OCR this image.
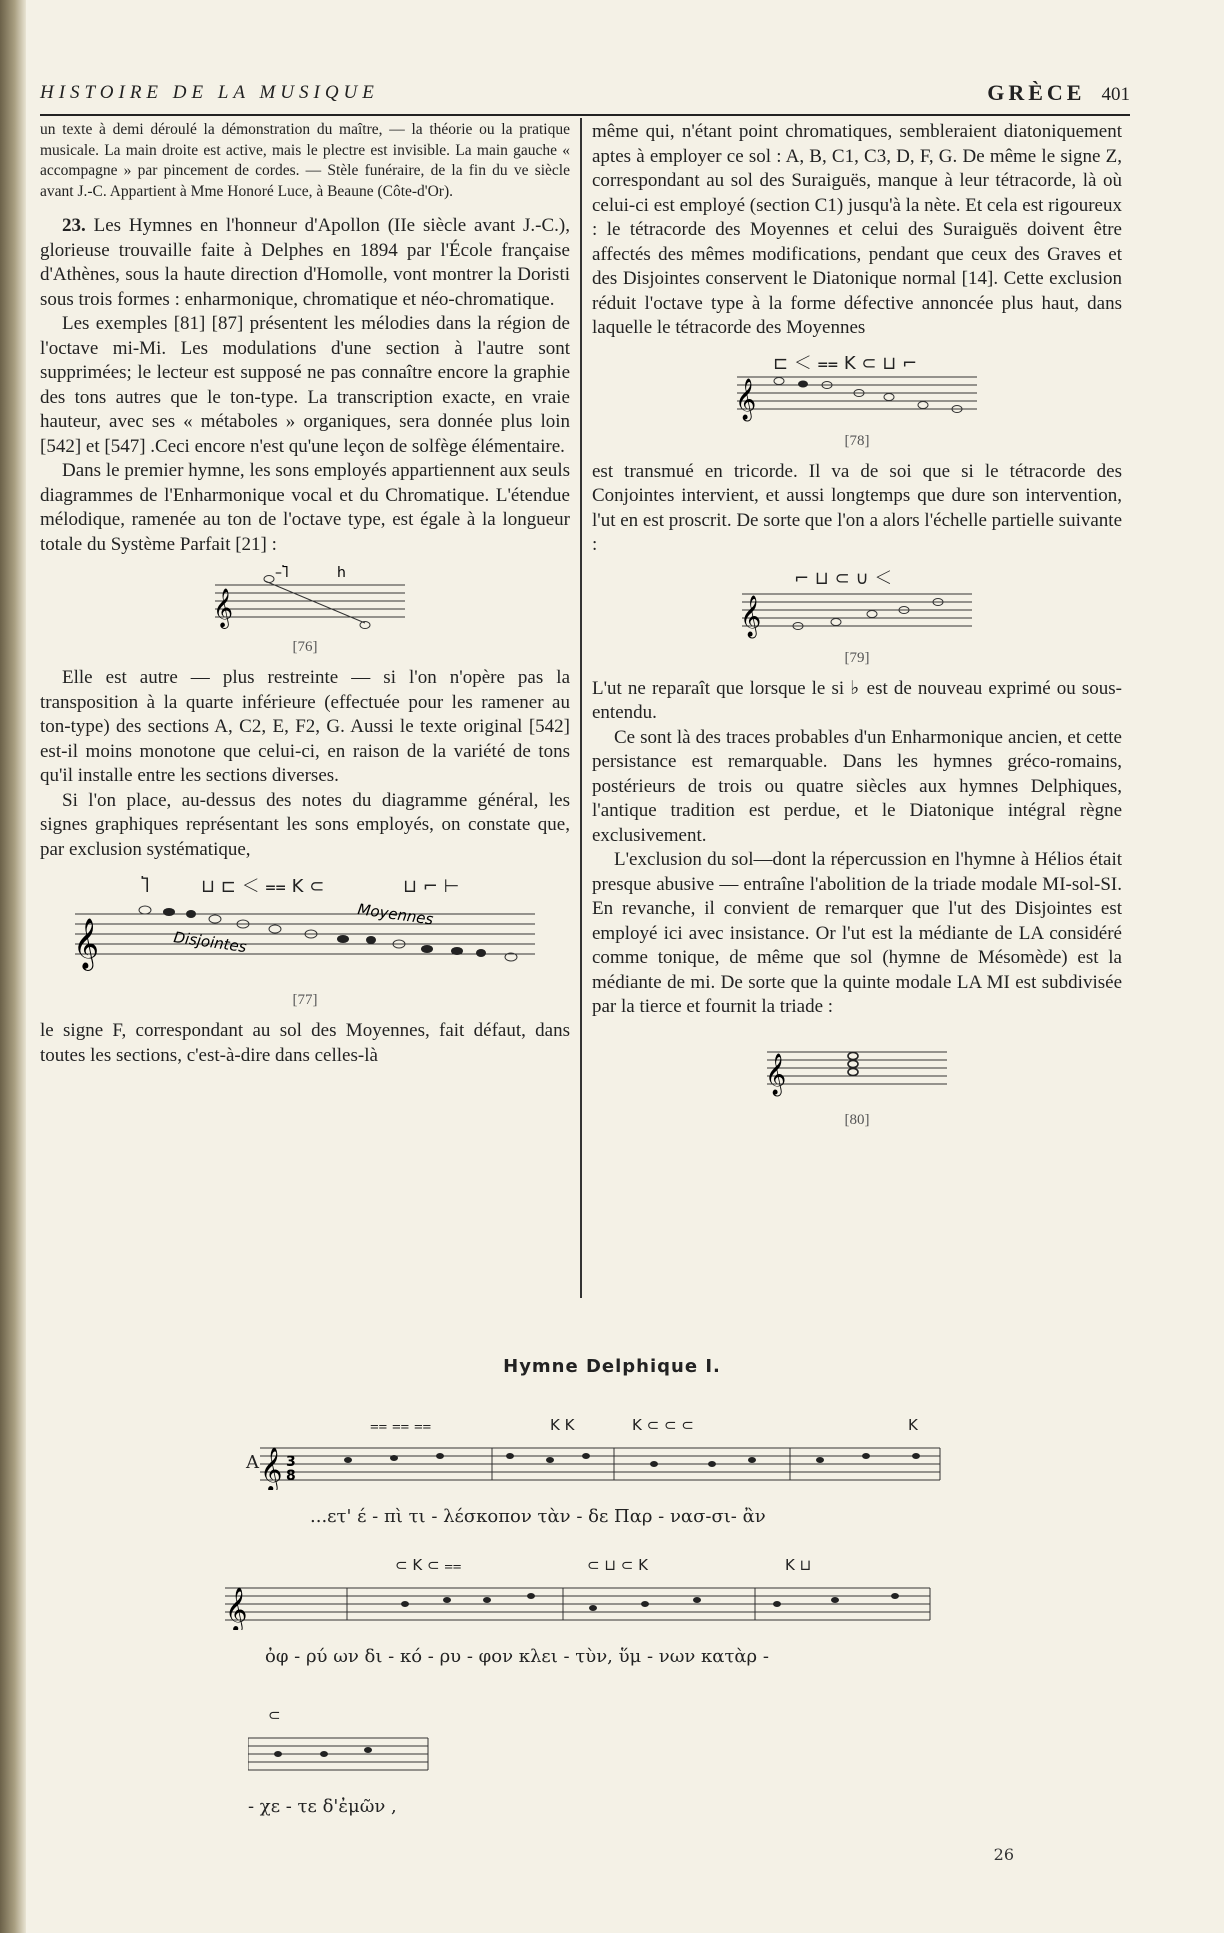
HISTOIRE DE LA MUSIQUE	GRÈCE 401

un texte à demi déroulé la démonstration du maître, — la théorie ou la pratique musicale. La main droite est active, mais le plectre est invisible. La main gauche « accompagne » par pincement de cordes. — Stèle funéraire, de la fin du ve siècle avant J.-C. Appartient à Mme Honoré Luce, à Beaune (Côte-d'Or).

23. Les Hymnes en l'honneur d'Apollon (IIe siècle avant J.-C.), glorieuse trouvaille faite à Delphes en 1894 par l'École française d'Athènes, sous la haute direction d'Homolle, vont montrer la Doristi sous trois formes : enharmonique, chromatique et néo-chromatique.

Les exemples [81] [87] présentent les mélodies dans la région de l'octave mi-Mi. Les modulations d'une section à l'autre sont supprimées; le lecteur est supposé ne pas connaître encore la graphie des tons autres que le ton-type. La transcription exacte, en vraie hauteur, avec ses « métaboles » organiques, sera donnée plus loin [542] et [547] .Ceci encore n'est qu'une leçon de solfège élémentaire.

Dans le premier hymne, les sons employés appartiennent aux seuls diagrammes de l'Enharmonique vocal et du Chromatique. L'étendue mélodique, ramenée au ton de l'octave type, est égale à la longueur totale du Système Parfait [21] :

𝄞
–Ⴈ	h
[76]

Elle est autre — plus restreinte — si l'on n'opère pas la transposition à la quarte inférieure (effectuée pour les ramener au ton-type) des sections A, C2, E, F2, G. Aussi le texte original [542] est-il moins monotone que celui-ci, en raison de la variété de tons qu'il installe entre les sections diverses.

Si l'on place, au-dessus des notes du diagramme général, les signes graphiques représentant les sons employés, on constate que, par exclusion systématique,

𝄞
Ⴈ	⊔ ⊏ ＜ ⩵ K ⊂	⊔ ⌐ ⊢
Moyennes
Disjointes
[77]

le signe F, correspondant au sol des Moyennes, fait défaut, dans toutes les sections, c'est-à-dire dans celles-là

même qui, n'étant point chromatiques, sembleraient diatoniquement aptes à employer ce sol : A, B, C1, C3, D, F, G. De même le signe Z, correspondant au sol des Suraiguës, manque à leur tétracorde, là où celui-ci est employé (section C1) jusqu'à la nète. Et cela est rigoureux : le tétracorde des Moyennes et celui des Suraiguës doivent être affectés des mêmes modifications, pendant que ceux des Graves et des Disjointes conservent le Diatonique normal [14]. Cette exclusion réduit l'octave type à la forme défective annoncée plus haut, dans laquelle le tétracorde des Moyennes

𝄞
⊏ ＜ ⩵ K ⊂ ⊔ ⌐
[78]

est transmué en tricorde. Il va de soi que si le tétracorde des Conjointes intervient, et aussi longtemps que dure son intervention, l'ut en est proscrit. De sorte que l'on a alors l'échelle partielle suivante :

𝄞
⌐ ⊔ ⊂ ∪ ＜
[79]

L'ut ne reparaît que lorsque le si ♭ est de nouveau exprimé ou sous-entendu.

Ce sont là des traces probables d'un Enharmonique ancien, et cette persistance est remarquable. Dans les hymnes gréco-romains, postérieurs de trois ou quatre siècles aux hymnes Delphiques, l'antique tradition est perdue, et le Diatonique intégral règne exclusivement.

L'exclusion du sol—dont la répercussion en l'hymne à Hélios était presque abusive — entraîne l'abolition de la triade modale MI-sol-SI. En revanche, il convient de remarquer que l'ut des Disjointes est employé ici avec insistance. Or l'ut est la médiante de LA considéré comme tonique, de même que sol (hymne de Mésomède) est la médiante de mi. De sorte que la quinte modale LA MI est subdivisée par la tierce et fournit la triade :

𝄞
[80]
Hymne Delphique I.
A 𝄞 3
8
⩵ ⩵ ⩵	K K	K ⊂ ⊂ ⊂	K
...ετ' έ - πὶ τι - λέσκοπον τὰν - δε Παρ - νασ-σι- ἂν
𝄞
⊂ K ⊂ ⩵	⊂ ⊔ ⊂ K	K ⊔
ὀφ - ρύ ων δι - κό - ρυ - φον κλει - τὺν, ὕμ - νων κατὰρ -
⊂
- χε - τε δ'ἐμῶν ,
26
